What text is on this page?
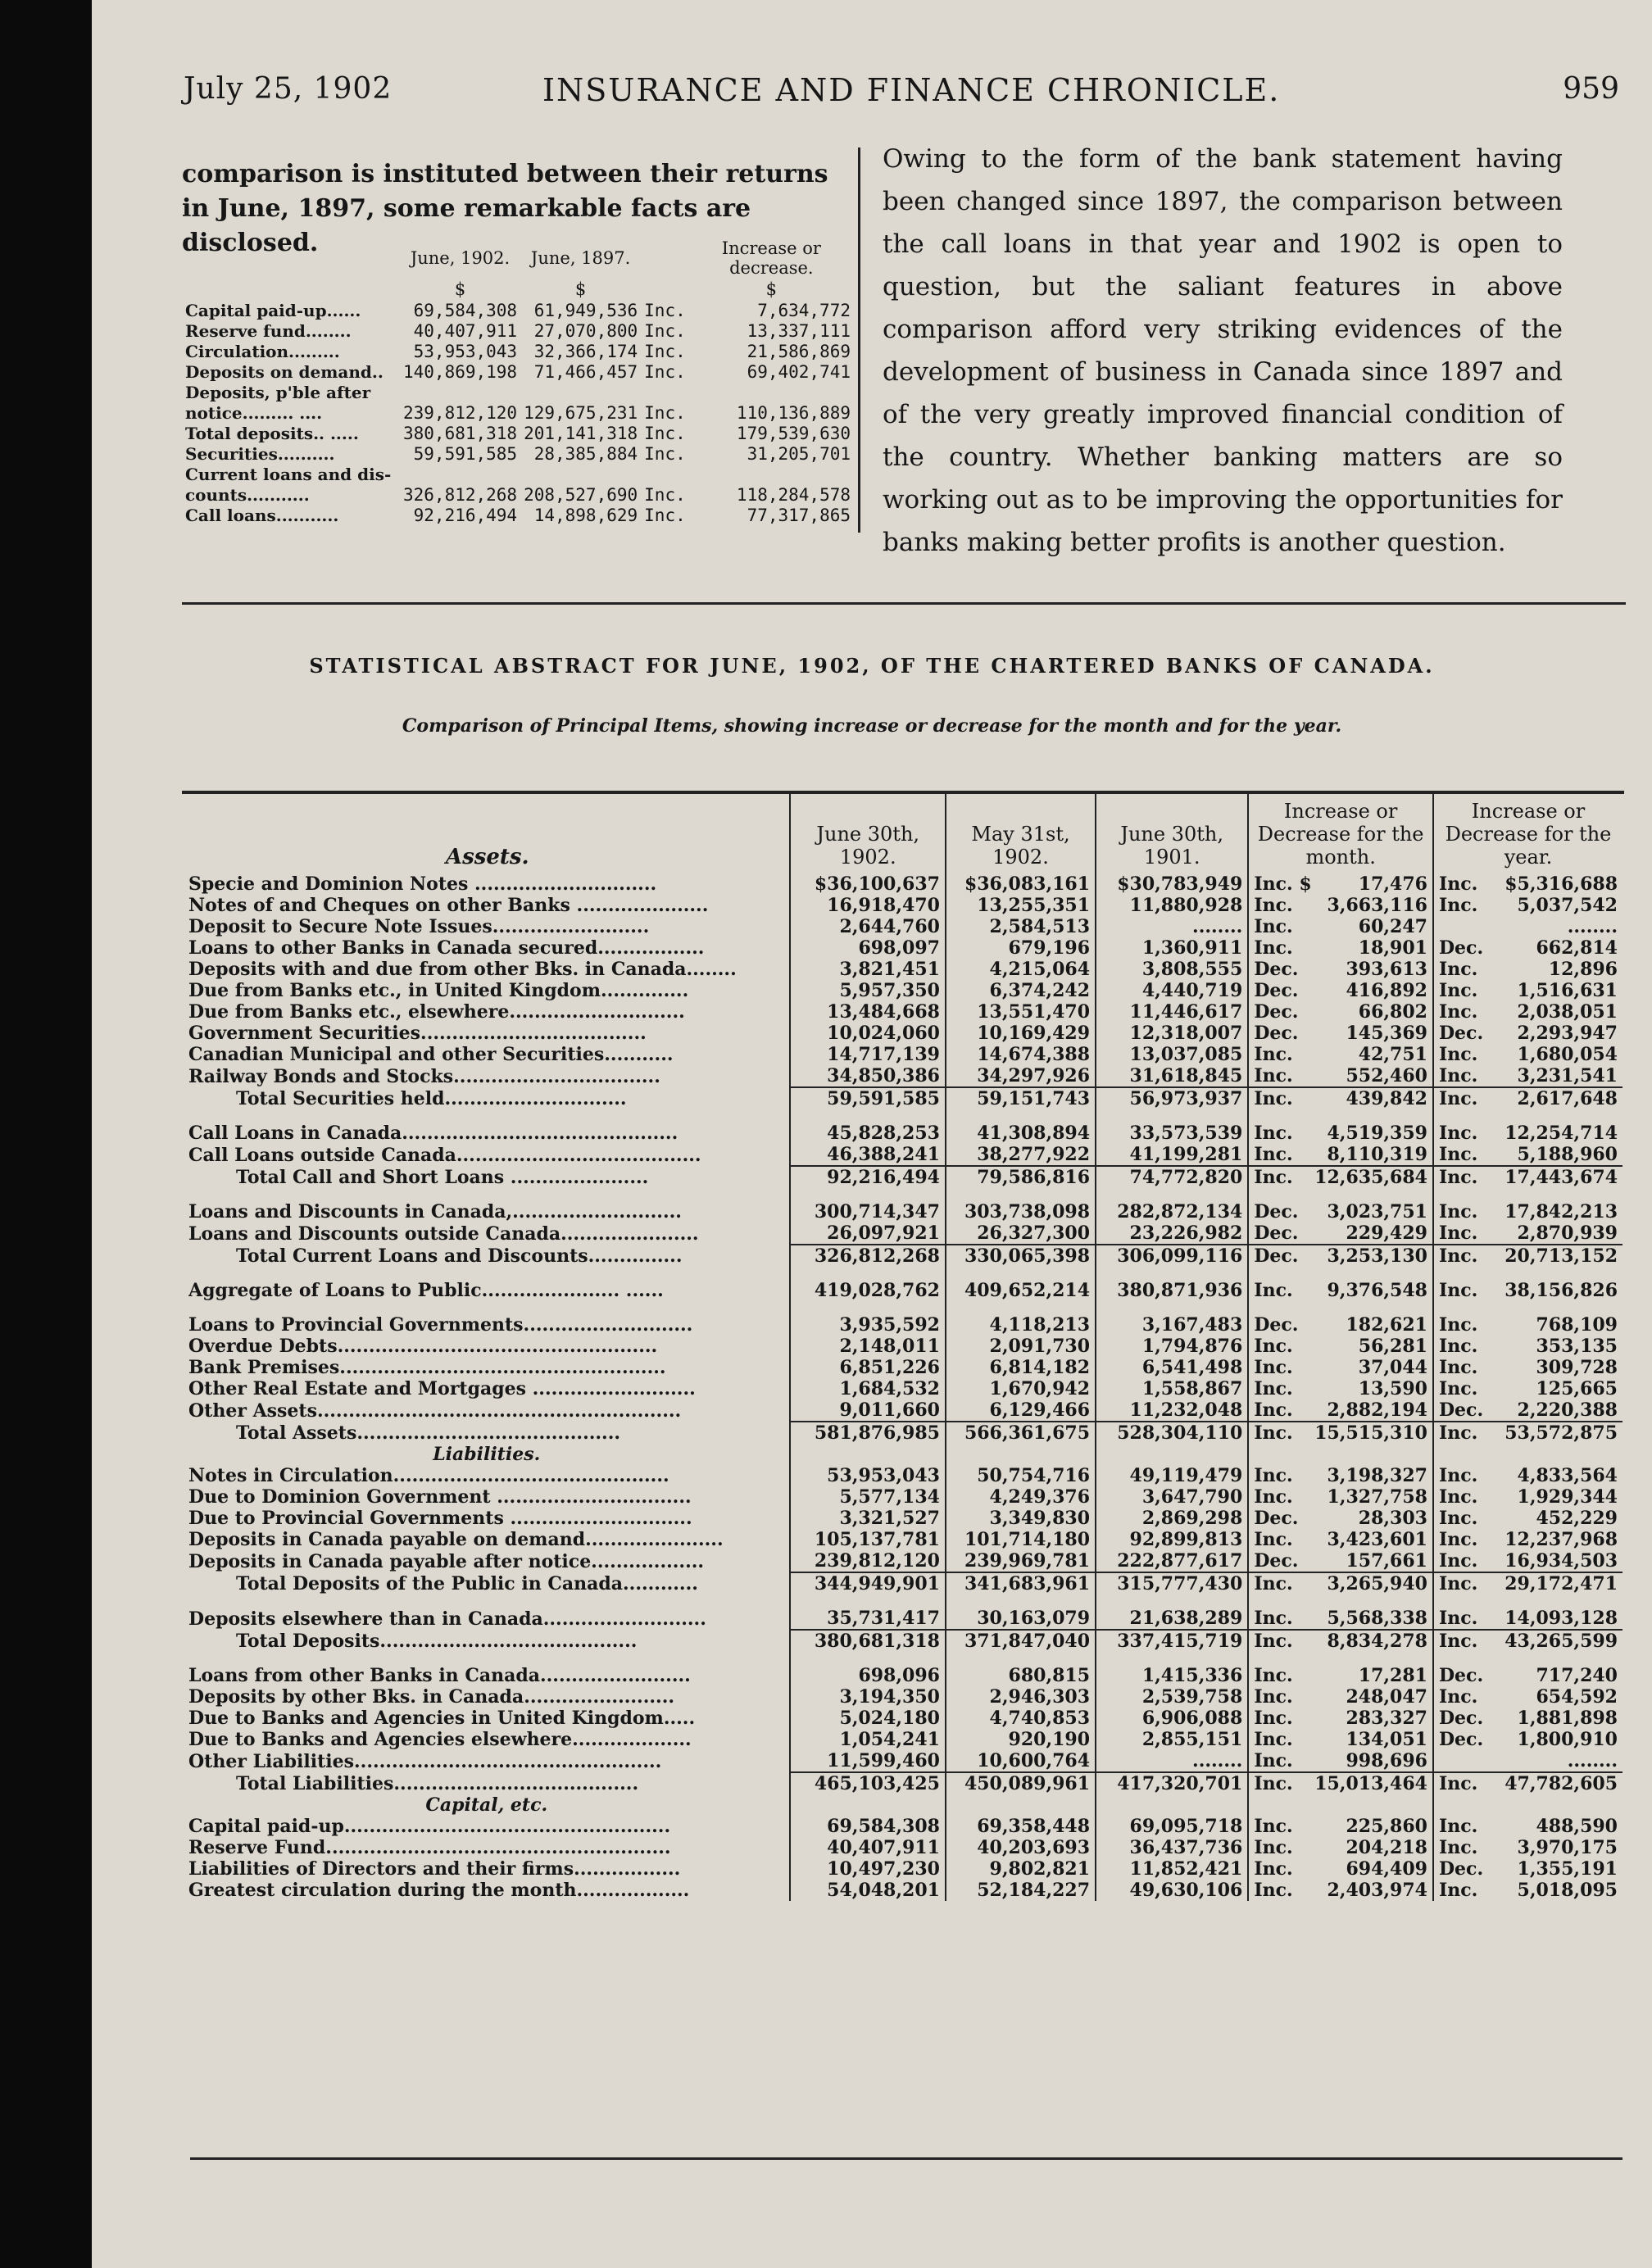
July 25, 1902	INSURANCE AND FINANCE CHRONICLE.	959
comparison is instituted between their returns in June, 1897, some remarkable facts are disclosed.
	June, 1902.	June, 1897.		Increase or decrease.
	$	$		$
Capital paid-up......	69,584,308	61,949,536	Inc.	7,634,772
Reserve fund........	40,407,911	27,070,800	Inc.	13,337,111
Circulation.........	53,953,043	32,366,174	Inc.	21,586,869
Deposits on demand..	140,869,198	71,466,457	Inc.	69,402,741
Deposits, p'ble after				
notice......... ....	239,812,120	129,675,231	Inc.	110,136,889
Total deposits.. .....	380,681,318	201,141,318	Inc.	179,539,630
Securities..........	59,591,585	28,385,884	Inc.	31,205,701
Current loans and dis-				
counts...........	326,812,268	208,527,690	Inc.	118,284,578
Call loans...........	92,216,494	14,898,629	Inc.	77,317,865

Owing to the form of the bank statement having been changed since 1897, the comparison between the call loans in that year and 1902 is open to question, but the saliant features in above comparison afford very striking evidences of the development of business in Canada since 1897 and of the very greatly improved financial condition of the country. Whether banking matters are so working out as to be improving the opportunities for banks making better profits is another question.

STATISTICAL ABSTRACT FOR JUNE, 1902, OF THE CHARTERED BANKS OF CANADA.
Comparison of Principal Items, showing increase or decrease for the month and for the year.
Assets.	June 30th, 1902.	May 31st, 1902.	June 30th, 1901.	Increase or Decrease for the month.	Increase or Decrease for the year.
Specie and Dominion Notes .............................	$36,100,637	$36,083,161	$30,783,949	Inc. $ 17,476	Inc. $5,316,688
Notes of and Cheques on other Banks .....................	16,918,470	13,255,351	11,880,928	Inc. 3,663,116	Inc. 5,037,542
Deposit to Secure Note Issues.........................	2,644,760	2,584,513	........	Inc. 60,247	........
Loans to other Banks in Canada secured.................	698,097	679,196	1,360,911	Inc. 18,901	Dec. 662,814
Deposits with and due from other Bks. in Canada........	3,821,451	4,215,064	3,808,555	Dec. 393,613	Inc. 12,896
Due from Banks etc., in United Kingdom..............	5,957,350	6,374,242	4,440,719	Dec. 416,892	Inc. 1,516,631
Due from Banks etc., elsewhere............................	13,484,668	13,551,470	11,446,617	Dec. 66,802	Inc. 2,038,051
Government Securities....................................	10,024,060	10,169,429	12,318,007	Dec. 145,369	Dec. 2,293,947
Canadian Municipal and other Securities...........	14,717,139	14,674,388	13,037,085	Inc. 42,751	Inc. 1,680,054
Railway Bonds and Stocks.................................	34,850,386	34,297,926	31,618,845	Inc. 552,460	Inc. 3,231,541
Total Securities held.............................	59,591,585	59,151,743	56,973,937	Inc. 439,842	Inc. 2,617,648

Call Loans in Canada............................................	45,828,253	41,308,894	33,573,539	Inc. 4,519,359	Inc. 12,254,714
Call Loans outside Canada.......................................	46,388,241	38,277,922	41,199,281	Inc. 8,110,319	Inc. 5,188,960
Total Call and Short Loans ......................	92,216,494	79,586,816	74,772,820	Inc. 12,635,684	Inc. 17,443,674

Loans and Discounts in Canada,...........................	300,714,347	303,738,098	282,872,134	Dec. 3,023,751	Inc. 17,842,213
Loans and Discounts outside Canada......................	26,097,921	26,327,300	23,226,982	Dec. 229,429	Inc. 2,870,939
Total Current Loans and Discounts...............	326,812,268	330,065,398	306,099,116	Dec. 3,253,130	Inc. 20,713,152

Aggregate of Loans to Public...................... ......	419,028,762	409,652,214	380,871,936	Inc. 9,376,548	Inc. 38,156,826

Loans to Provincial Governments...........................	3,935,592	4,118,213	3,167,483	Dec. 182,621	Inc. 768,109
Overdue Debts...................................................	2,148,011	2,091,730	1,794,876	Inc. 56,281	Inc. 353,135
Bank Premises....................................................	6,851,226	6,814,182	6,541,498	Inc. 37,044	Inc. 309,728
Other Real Estate and Mortgages ..........................	1,684,532	1,670,942	1,558,867	Inc. 13,590	Inc. 125,665
Other Assets..........................................................	9,011,660	6,129,466	11,232,048	Inc. 2,882,194	Dec. 2,220,388
Total Assets..........................................	581,876,985	566,361,675	528,304,110	Inc. 15,515,310	Inc. 53,572,875
Liabilities.					
Notes in Circulation............................................	53,953,043	50,754,716	49,119,479	Inc. 3,198,327	Inc. 4,833,564
Due to Dominion Government ...............................	5,577,134	4,249,376	3,647,790	Inc. 1,327,758	Inc. 1,929,344
Due to Provincial Governments .............................	3,321,527	3,349,830	2,869,298	Dec. 28,303	Inc. 452,229
Deposits in Canada payable on demand......................	105,137,781	101,714,180	92,899,813	Inc. 3,423,601	Inc. 12,237,968
Deposits in Canada payable after notice..................	239,812,120	239,969,781	222,877,617	Dec. 157,661	Inc. 16,934,503
Total Deposits of the Public in Canada............	344,949,901	341,683,961	315,777,430	Inc. 3,265,940	Inc. 29,172,471

Deposits elsewhere than in Canada..........................	35,731,417	30,163,079	21,638,289	Inc. 5,568,338	Inc. 14,093,128
Total Deposits.........................................	380,681,318	371,847,040	337,415,719	Inc. 8,834,278	Inc. 43,265,599

Loans from other Banks in Canada........................	698,096	680,815	1,415,336	Inc. 17,281	Dec. 717,240
Deposits by other Bks. in Canada........................	3,194,350	2,946,303	2,539,758	Inc. 248,047	Inc. 654,592
Due to Banks and Agencies in United Kingdom.....	5,024,180	4,740,853	6,906,088	Inc. 283,327	Dec. 1,881,898
Due to Banks and Agencies elsewhere...................	1,054,241	920,190	2,855,151	Inc. 134,051	Dec. 1,800,910
Other Liabilities.................................................	11,599,460	10,600,764	........	Inc. 998,696	........
Total Liabilities.......................................	465,103,425	450,089,961	417,320,701	Inc. 15,013,464	Inc. 47,782,605
Capital, etc.					
Capital paid-up....................................................	69,584,308	69,358,448	69,095,718	Inc. 225,860	Inc. 488,590
Reserve Fund.......................................................	40,407,911	40,203,693	36,437,736	Inc. 204,218	Inc. 3,970,175
Liabilities of Directors and their firms.................	10,497,230	9,802,821	11,852,421	Inc. 694,409	Dec. 1,355,191
Greatest circulation during the month..................	54,048,201	52,184,227	49,630,106	Inc. 2,403,974	Inc. 5,018,095
